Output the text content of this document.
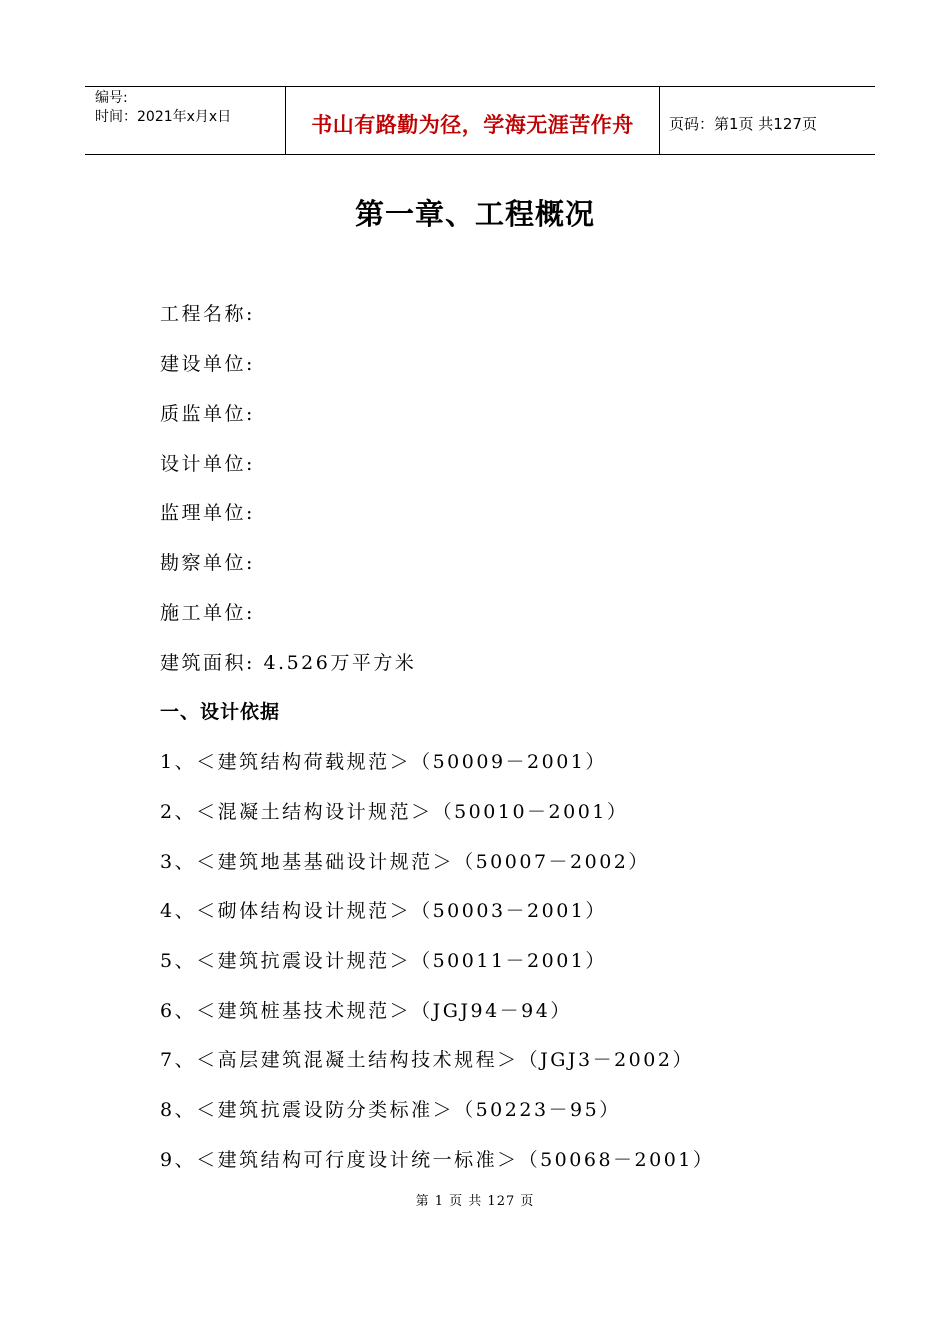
编号:
时间：2021年x月x日	书山有路勤为径，学海无涯苦作舟	页码：第1页 共127页
第一章、工程概况
工程名称:
建设单位:
质监单位:
设计单位:
监理单位:
勘察单位:
施工单位:
建筑面积: 4.526万平方米
一、设计依据
1、＜建筑结构荷载规范＞（50009－2001）
2、＜混凝土结构设计规范＞（50010－2001）
3、＜建筑地基基础设计规范＞（50007－2002）
4、＜砌体结构设计规范＞（50003－2001）
5、＜建筑抗震设计规范＞（50011－2001）
6、＜建筑桩基技术规范＞（JGJ94－94）
7、＜高层建筑混凝土结构技术规程＞（JGJ3－2002）
8、＜建筑抗震设防分类标准＞（50223－95）
9、＜建筑结构可行度设计统一标准＞（50068－2001）
第 1 页 共 127 页
